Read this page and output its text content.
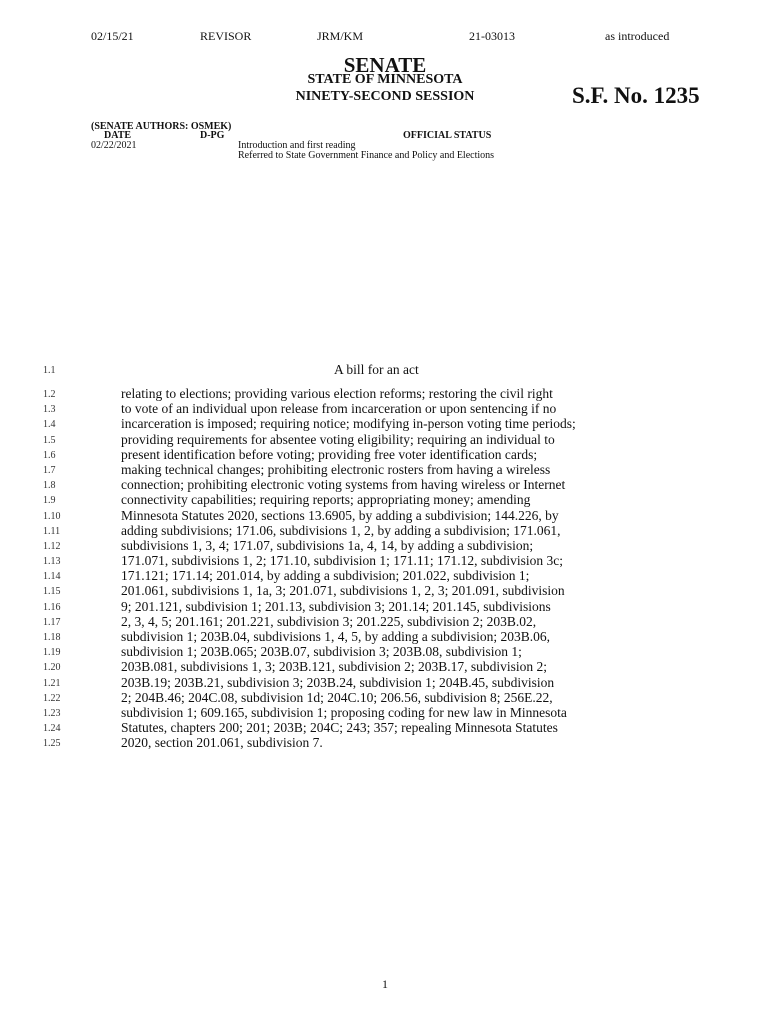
02/15/21	REVISOR	JRM/KM	21-03013	as introduced
SENATE
STATE OF MINNESOTA
NINETY-SECOND SESSION	S.F. No. 1235
(SENATE AUTHORS: OSMEK)
DATE	D-PG	OFFICIAL STATUS
02/22/2021	Introduction and first reading
Referred to State Government Finance and Policy and Elections
1.1	A bill for an act
1.2	relating to elections; providing various election reforms; restoring the civil right
1.3	to vote of an individual upon release from incarceration or upon sentencing if no
1.4	incarceration is imposed; requiring notice; modifying in-person voting time periods;
1.5	providing requirements for absentee voting eligibility; requiring an individual to
1.6	present identification before voting; providing free voter identification cards;
1.7	making technical changes; prohibiting electronic rosters from having a wireless
1.8	connection; prohibiting electronic voting systems from having wireless or Internet
1.9	connectivity capabilities; requiring reports; appropriating money; amending
1.10	Minnesota Statutes 2020, sections 13.6905, by adding a subdivision; 144.226, by
1.11	adding subdivisions; 171.06, subdivisions 1, 2, by adding a subdivision; 171.061,
1.12	subdivisions 1, 3, 4; 171.07, subdivisions 1a, 4, 14, by adding a subdivision;
1.13	171.071, subdivisions 1, 2; 171.10, subdivision 1; 171.11; 171.12, subdivision 3c;
1.14	171.121; 171.14; 201.014, by adding a subdivision; 201.022, subdivision 1;
1.15	201.061, subdivisions 1, 1a, 3; 201.071, subdivisions 1, 2, 3; 201.091, subdivision
1.16	9; 201.121, subdivision 1; 201.13, subdivision 3; 201.14; 201.145, subdivisions
1.17	2, 3, 4, 5; 201.161; 201.221, subdivision 3; 201.225, subdivision 2; 203B.02,
1.18	subdivision 1; 203B.04, subdivisions 1, 4, 5, by adding a subdivision; 203B.06,
1.19	subdivision 1; 203B.065; 203B.07, subdivision 3; 203B.08, subdivision 1;
1.20	203B.081, subdivisions 1, 3; 203B.121, subdivision 2; 203B.17, subdivision 2;
1.21	203B.19; 203B.21, subdivision 3; 203B.24, subdivision 1; 204B.45, subdivision
1.22	2; 204B.46; 204C.08, subdivision 1d; 204C.10; 206.56, subdivision 8; 256E.22,
1.23	subdivision 1; 609.165, subdivision 1; proposing coding for new law in Minnesota
1.24	Statutes, chapters 200; 201; 203B; 204C; 243; 357; repealing Minnesota Statutes
1.25	2020, section 201.061, subdivision 7.
1
